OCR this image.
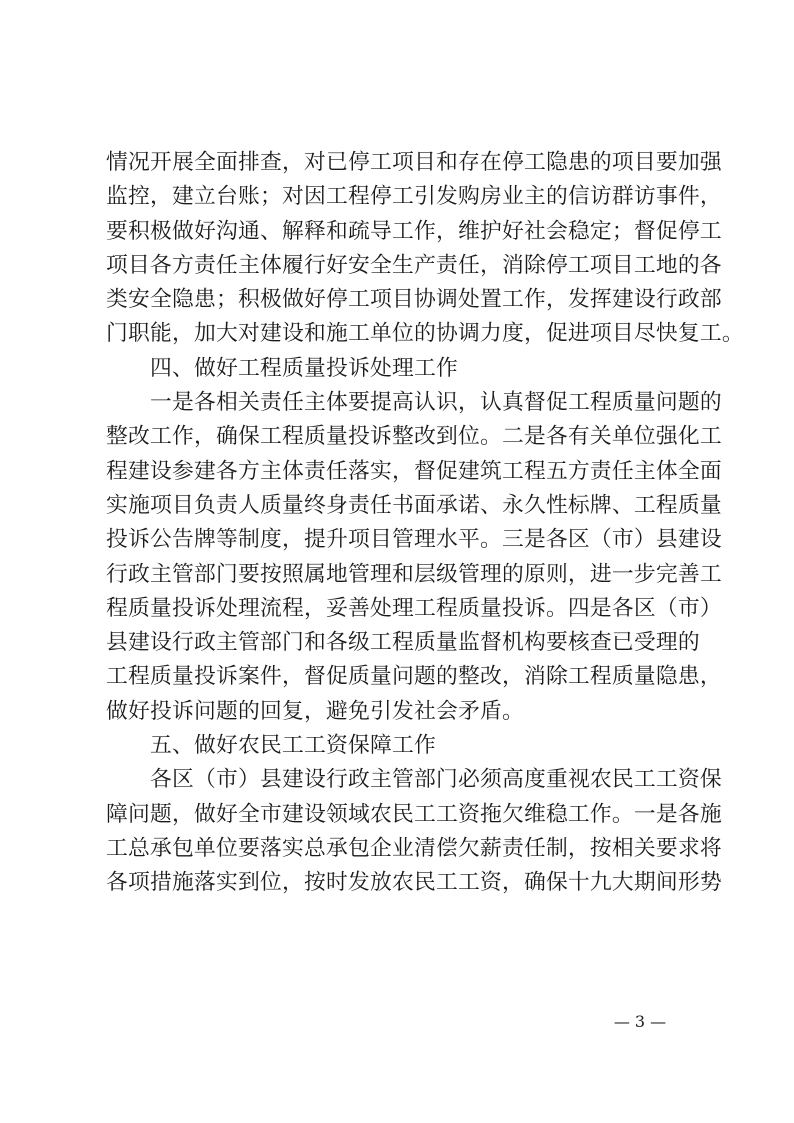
情况开展全面排查，对已停工项目和存在停工隐患的项目要加强
监控，建立台账；对因工程停工引发购房业主的信访群访事件，
要积极做好沟通、解释和疏导工作，维护好社会稳定；督促停工
项目各方责任主体履行好安全生产责任，消除停工项目工地的各
类安全隐患；积极做好停工项目协调处置工作，发挥建设行政部
门职能，加大对建设和施工单位的协调力度，促进项目尽快复工。
四、做好工程质量投诉处理工作
一是各相关责任主体要提高认识，认真督促工程质量问题的
整改工作，确保工程质量投诉整改到位。二是各有关单位强化工
程建设参建各方主体责任落实，督促建筑工程五方责任主体全面
实施项目负责人质量终身责任书面承诺、永久性标牌、工程质量
投诉公告牌等制度，提升项目管理水平。三是各区（市）县建设
行政主管部门要按照属地管理和层级管理的原则，进一步完善工
程质量投诉处理流程，妥善处理工程质量投诉。四是各区（市）
县建设行政主管部门和各级工程质量监督机构要核查已受理的
工程质量投诉案件，督促质量问题的整改，消除工程质量隐患，
做好投诉问题的回复，避免引发社会矛盾。
五、做好农民工工资保障工作
各区（市）县建设行政主管部门必须高度重视农民工工资保
障问题，做好全市建设领域农民工工资拖欠维稳工作。一是各施
工总承包单位要落实总承包企业清偿欠薪责任制，按相关要求将
各项措施落实到位，按时发放农民工工资，确保十九大期间形势
— 3 —
